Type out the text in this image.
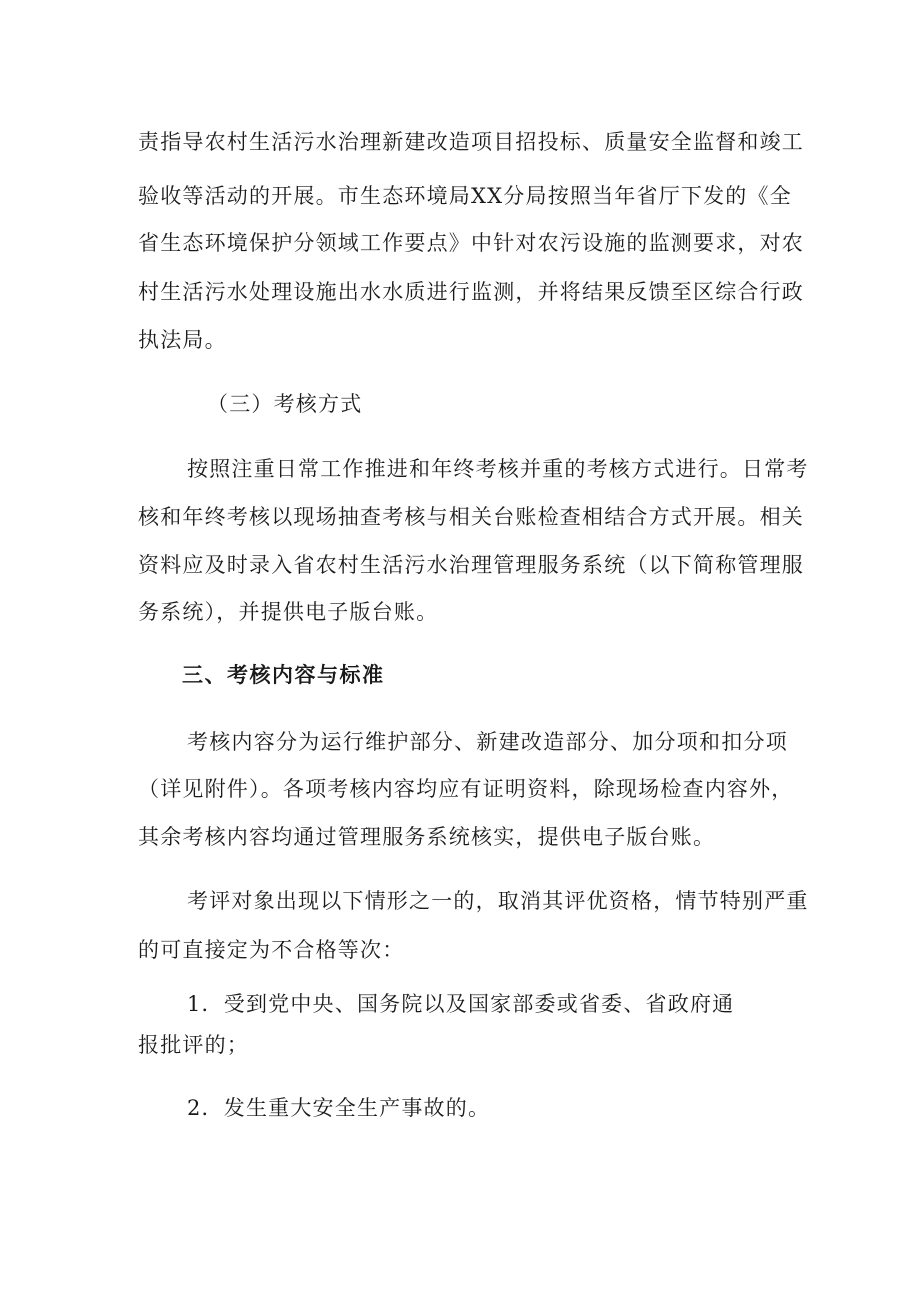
责指导农村生活污水治理新建改造项目招投标、质量安全监督和竣工
验收等活动的开展。市生态环境局XX分局按照当年省厅下发的《全
省生态环境保护分领域工作要点》中针对农污设施的监测要求，对农
村生活污水处理设施出水水质进行监测，并将结果反馈至区综合行政
执法局。
（三）考核方式
按照注重日常工作推进和年终考核并重的考核方式进行。日常考
核和年终考核以现场抽查考核与相关台账检查相结合方式开展。相关
资料应及时录入省农村生活污水治理管理服务系统（以下简称管理服
务系统），并提供电子版台账。
三、考核内容与标准
考核内容分为运行维护部分、新建改造部分、加分项和扣分项
（详见附件）。各项考核内容均应有证明资料，除现场检查内容外，
其余考核内容均通过管理服务系统核实，提供电子版台账。
考评对象出现以下情形之一的，取消其评优资格，情节特别严重
的可直接定为不合格等次：
1．受到党中央、国务院以及国家部委或省委、省政府通
报批评的；
2．发生重大安全生产事故的。
